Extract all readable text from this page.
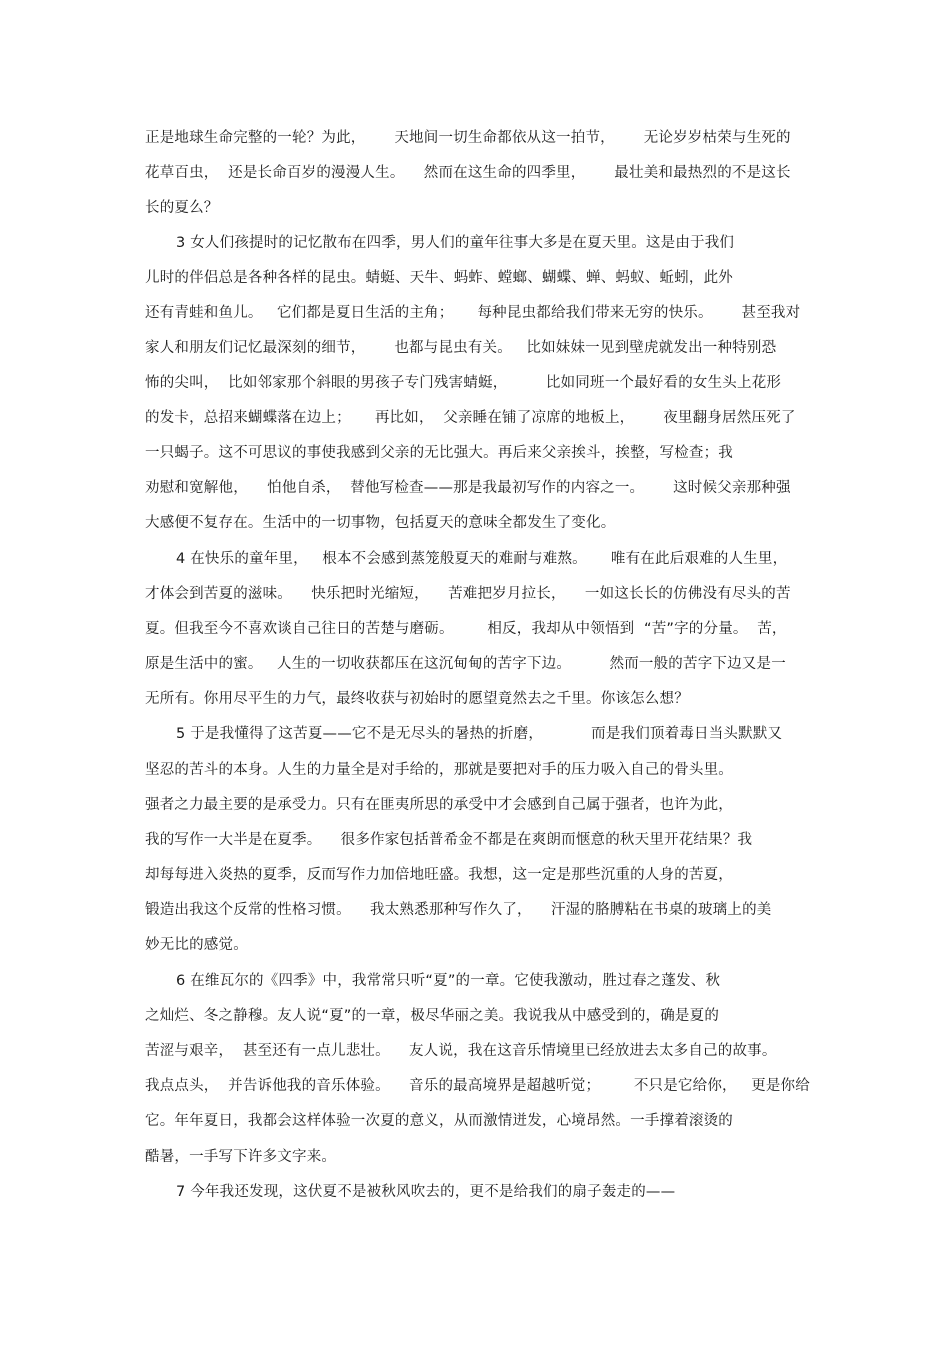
正是地球生命完整的一轮？为此，      天地间一切生命都依从这一拍节，      无论岁岁枯荣与生死的
花草百虫，  还是长命百岁的漫漫人生。    然而在这生命的四季里，      最壮美和最热烈的不是这长
长的夏么？
3 女人们孩提时的记忆散布在四季，男人们的童年往事大多是在夏天里。这是由于我们
儿时的伴侣总是各种各样的昆虫。蜻蜓、天牛、蚂蚱、螳螂、蝴蝶、蝉、蚂蚁、蚯蚓，此外
还有青蛙和鱼儿。   它们都是夏日生活的主角；     每种昆虫都给我们带来无穷的快乐。      甚至我对
家人和朋友们记忆最深刻的细节，      也都与昆虫有关。   比如妹妹一见到壁虎就发出一种特别恐
怖的尖叫，  比如邻家那个斜眼的男孩子专门残害蜻蜓，        比如同班一个最好看的女生头上花形
的发卡，总招来蝴蝶落在边上；     再比如，  父亲睡在铺了凉席的地板上，      夜里翻身居然压死了
一只蝎子。这不可思议的事使我感到父亲的无比强大。再后来父亲挨斗，挨整，写检查；我
劝慰和宽解他，    怕他自杀，  替他写检查——那是我最初写作的内容之一。      这时候父亲那种强
大感便不复存在。生活中的一切事物，包括夏天的意味全都发生了变化。
4 在快乐的童年里，   根本不会感到蒸笼般夏天的难耐与难熬。     唯有在此后艰难的人生里，
才体会到苦夏的滋味。    快乐把时光缩短，    苦难把岁月拉长，    一如这长长的仿佛没有尽头的苦
夏。但我至今不喜欢谈自己往日的苦楚与磨砺。       相反，我却从中领悟到  “苦”字的分量。  苦，
原是生活中的蜜。   人生的一切收获都压在这沉甸甸的苦字下边。        然而一般的苦字下边又是一
无所有。你用尽平生的力气，最终收获与初始时的愿望竟然去之千里。你该怎么想？
5 于是我懂得了这苦夏——它不是无尽头的暑热的折磨，          而是我们顶着毒日当头默默又
坚忍的苦斗的本身。人生的力量全是对手给的，那就是要把对手的压力吸入自己的骨头里。
强者之力最主要的是承受力。只有在匪夷所思的承受中才会感到自己属于强者，也许为此，
我的写作一大半是在夏季。    很多作家包括普希金不都是在爽朗而惬意的秋天里开花结果？我
却每每进入炎热的夏季，反而写作力加倍地旺盛。我想，这一定是那些沉重的人身的苦夏，
锻造出我这个反常的性格习惯。    我太熟悉那种写作久了，    汗湿的胳膊粘在书桌的玻璃上的美
妙无比的感觉。
6 在维瓦尔的《四季》中，我常常只听“夏”的一章。它使我激动，胜过春之蓬发、秋
之灿烂、冬之静穆。友人说“夏”的一章，极尽华丽之美。我说我从中感受到的，确是夏的
苦涩与艰辛，  甚至还有一点儿悲壮。    友人说，我在这音乐情境里已经放进去太多自己的故事。
我点点头，  并告诉他我的音乐体验。    音乐的最高境界是超越听觉；       不只是它给你，   更是你给
它。年年夏日，我都会这样体验一次夏的意义，从而激情迸发，心境昂然。一手撑着滚烫的
酷暑，一手写下许多文字来。
7 今年我还发现，这伏夏不是被秋风吹去的，更不是给我们的扇子轰走的——
